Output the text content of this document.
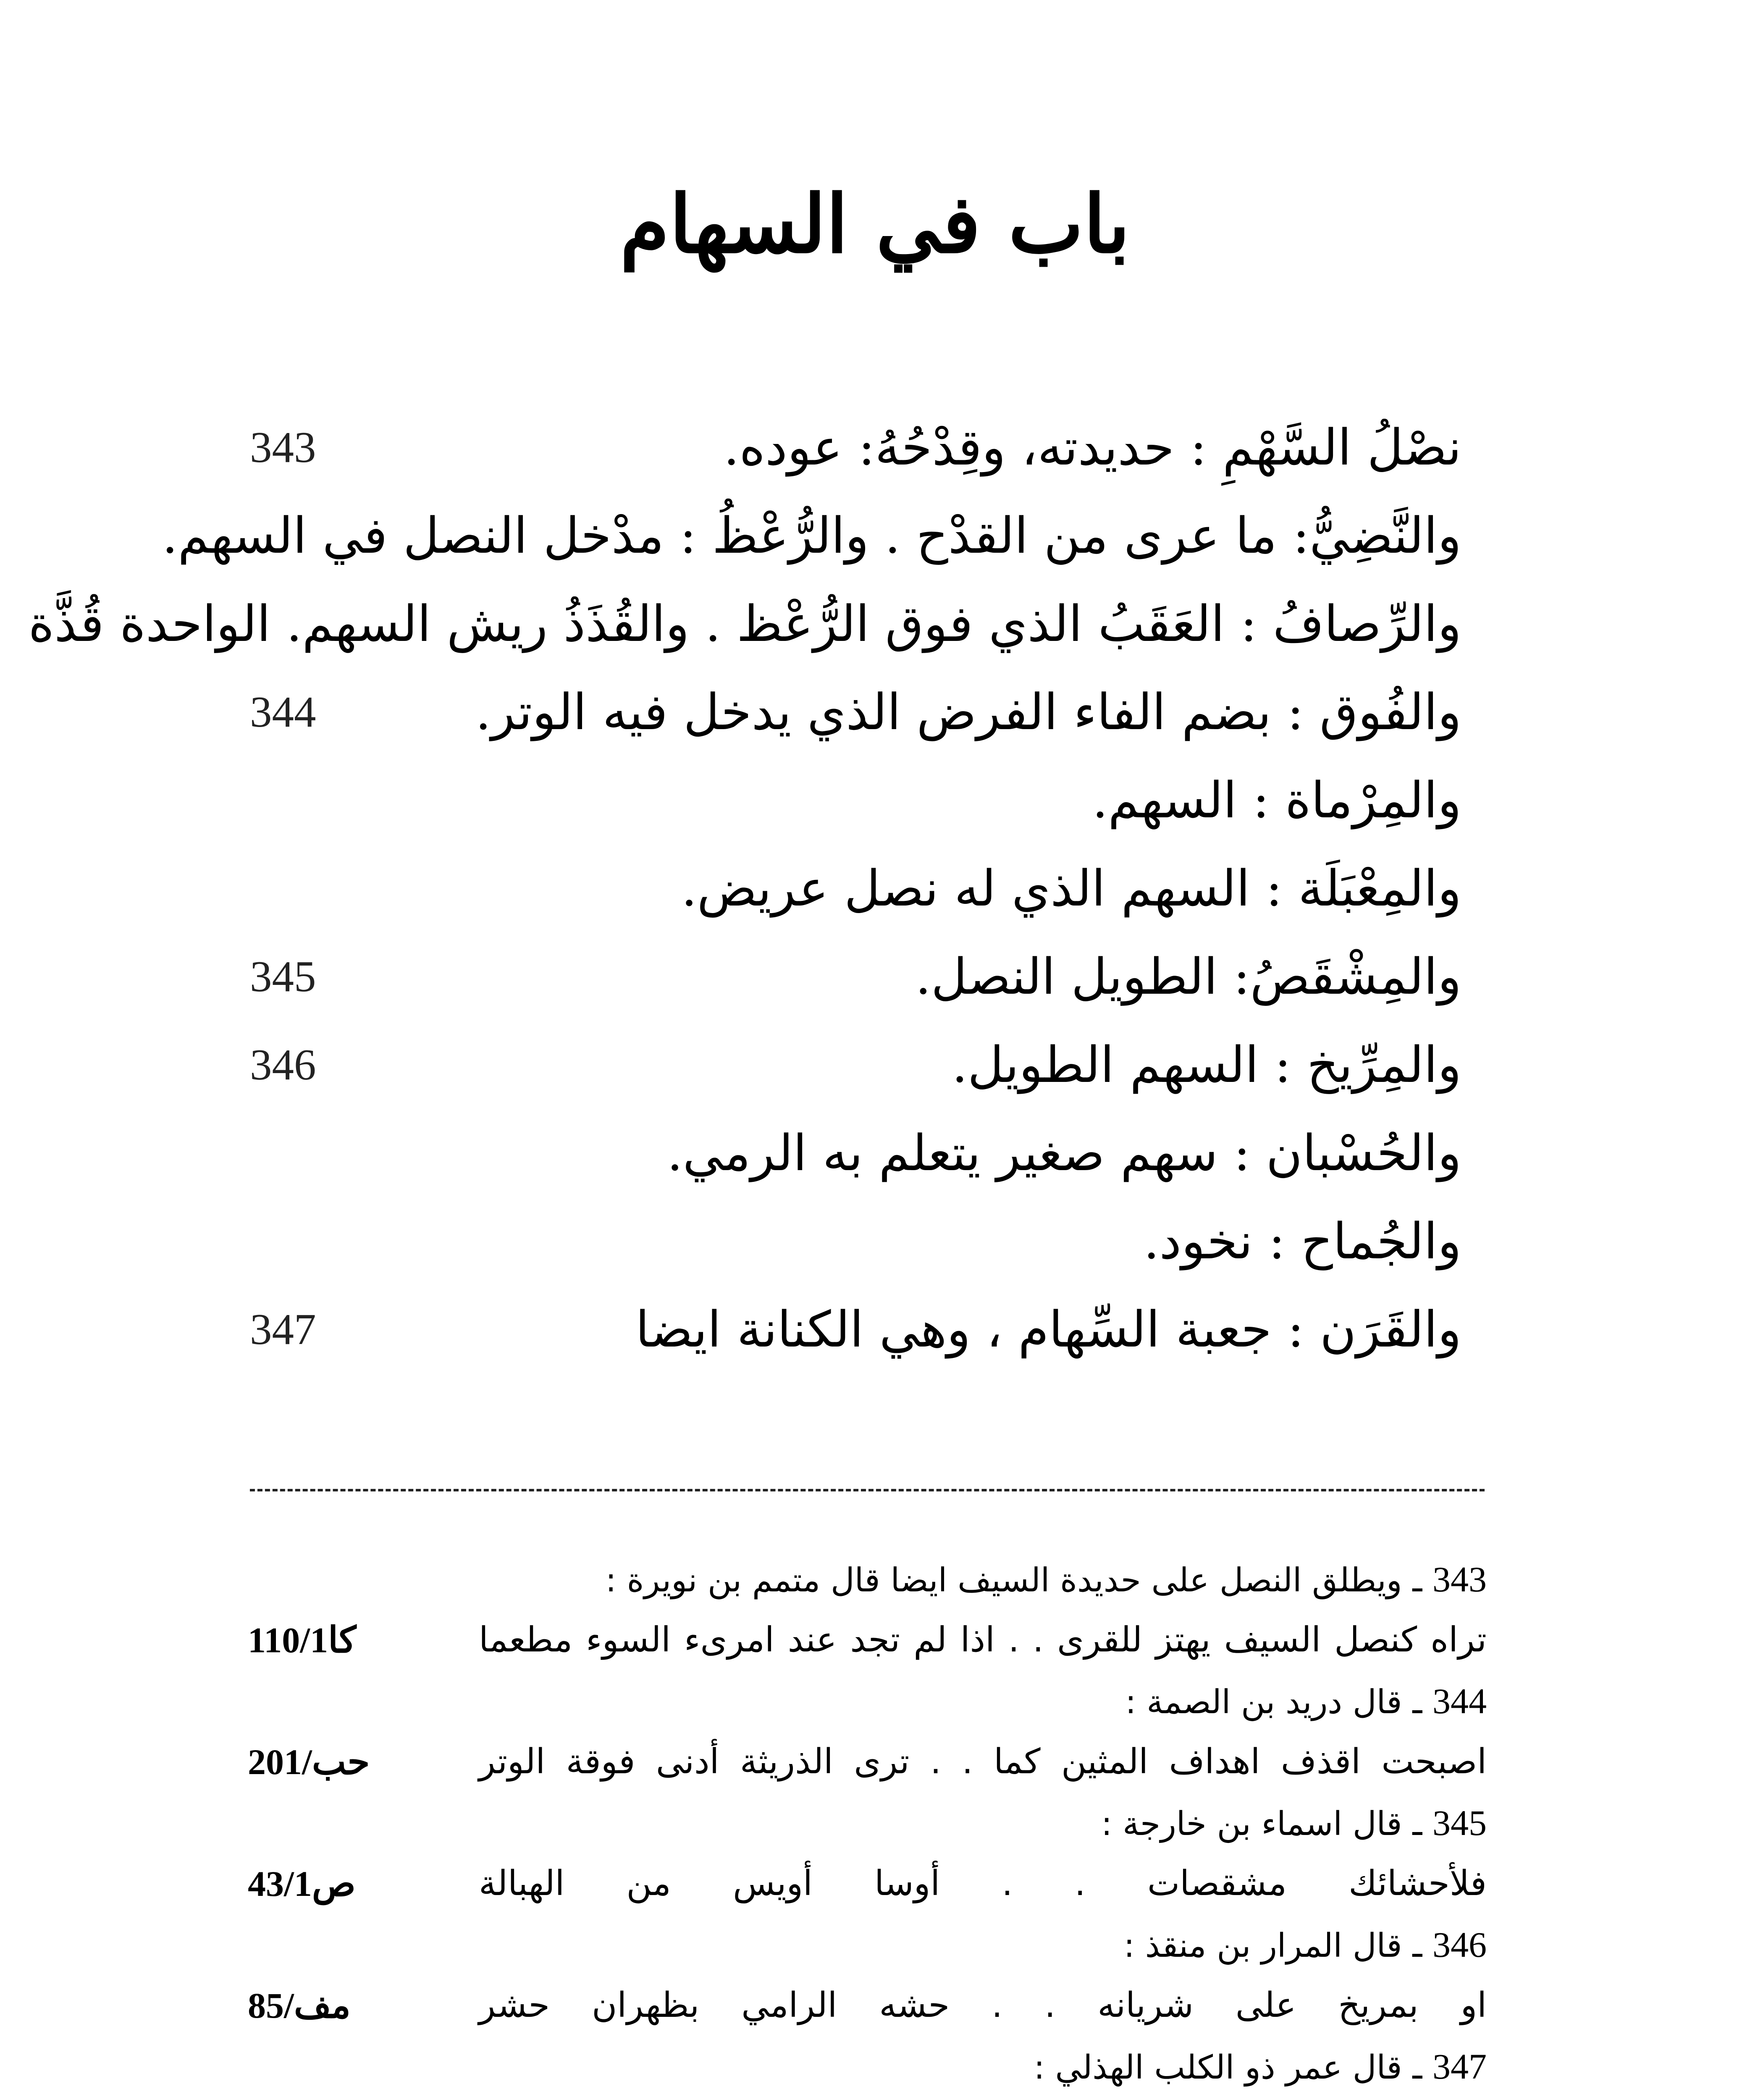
باب في السهام
نصْلُ السَّهْمِ : حديدته، وقِدْحُهُ: عوده.
343
والنَّضِيُّ: ما عرى من القدْح . والرُّعْظُ : مدْخل النصل في السهم.
والرِّصافُ : العَقَبُ الذي فوق الرُّعْظ . والقُذَذُ ريش السهم. الواحدة قُذَّة
والفُوق : بضم الفاء الفرض الذي يدخل فيه الوتر.
344
والمِرْماة : السهم.
والمِعْبَلَة : السهم الذي له نصل عريض.
والمِشْقَصُ: الطويل النصل.
345
والمِرِّيخ : السهم الطويل.
346
والحُسْبان : سهم صغير يتعلم به الرمي.
والجُماح : نخود.
والقَرَن : جعبة السِّهام ، وهي الكنانة ايضا
347
343 ـ ويطلق النصل على حديدة السيف ايضا قال متمم بن نويرة :
تراه كنصل السيف يهتز للقرى . . اذا لم تجد عند امرىء السوء مطعما
110/1كا
344 ـ قال دريد بن الصمة :
اصبحت اقذف اهداف المثين كما . . ترى الذريثة أدنى فوقة الوتر
201/حب
345 ـ قال اسماء بن خارجة :
فلأحشائك مشقصات . . أوسا أويس من الهبالة
43/1ص
346 ـ قال المرار بن منقذ :
او بمريخ على شريانه . . حشه الرامي بظهران حشر
85/مف
347 ـ قال عمر ذو الكلب الهذلي :
